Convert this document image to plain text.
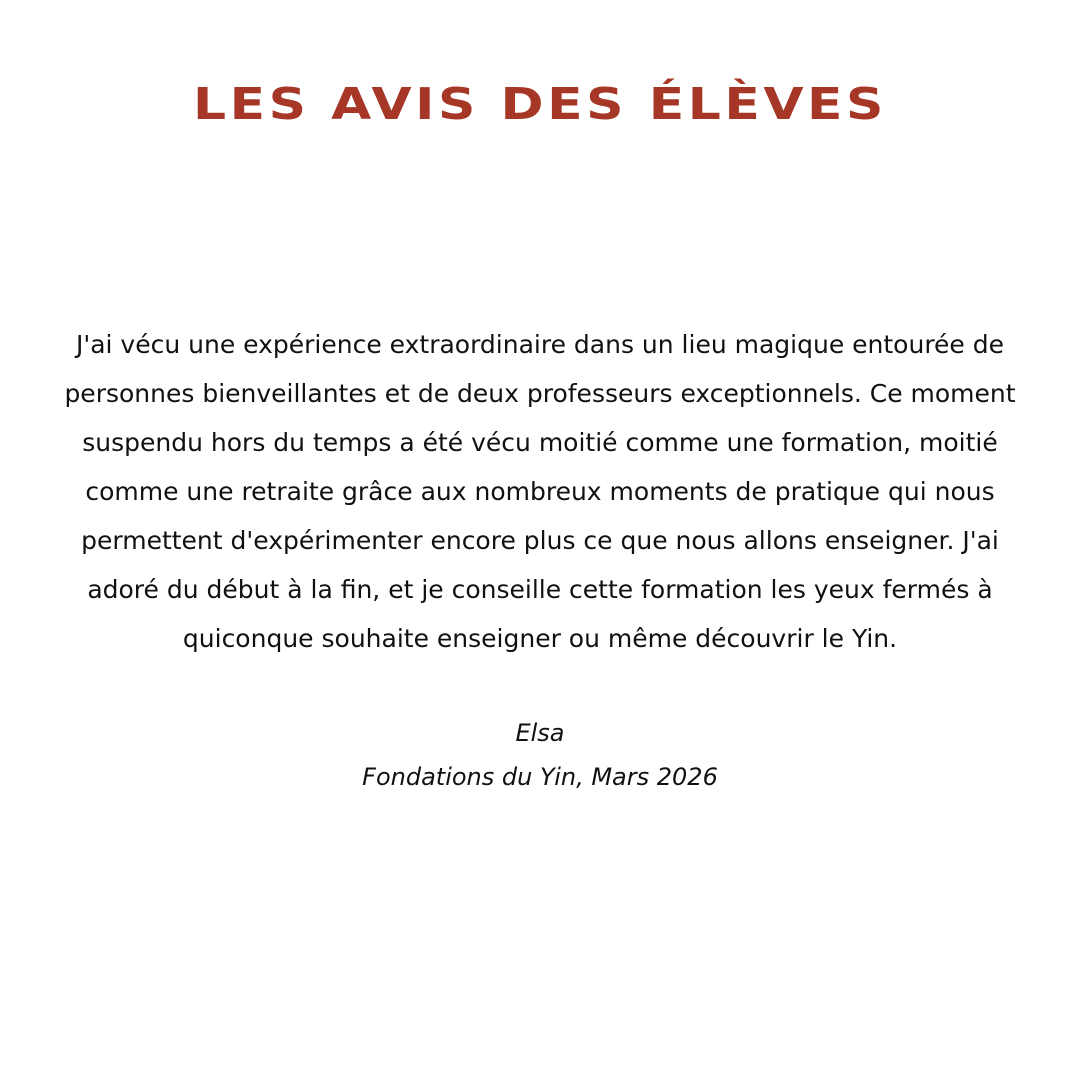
LES AVIS DES ÉLÈVES

J'ai vécu une expérience extraordinaire dans un lieu magique entourée de personnes bienveillantes et de deux professeurs exceptionnels. Ce moment suspendu hors du temps a été vécu moitié comme une formation, moitié comme une retraite grâce aux nombreux moments de pratique qui nous permettent d'expérimenter encore plus ce que nous allons enseigner. J'ai adoré du début à la fin, et je conseille cette formation les yeux fermés à quiconque souhaite enseigner ou même découvrir le Yin.

Elsa
Fondations du Yin, Mars 2026
